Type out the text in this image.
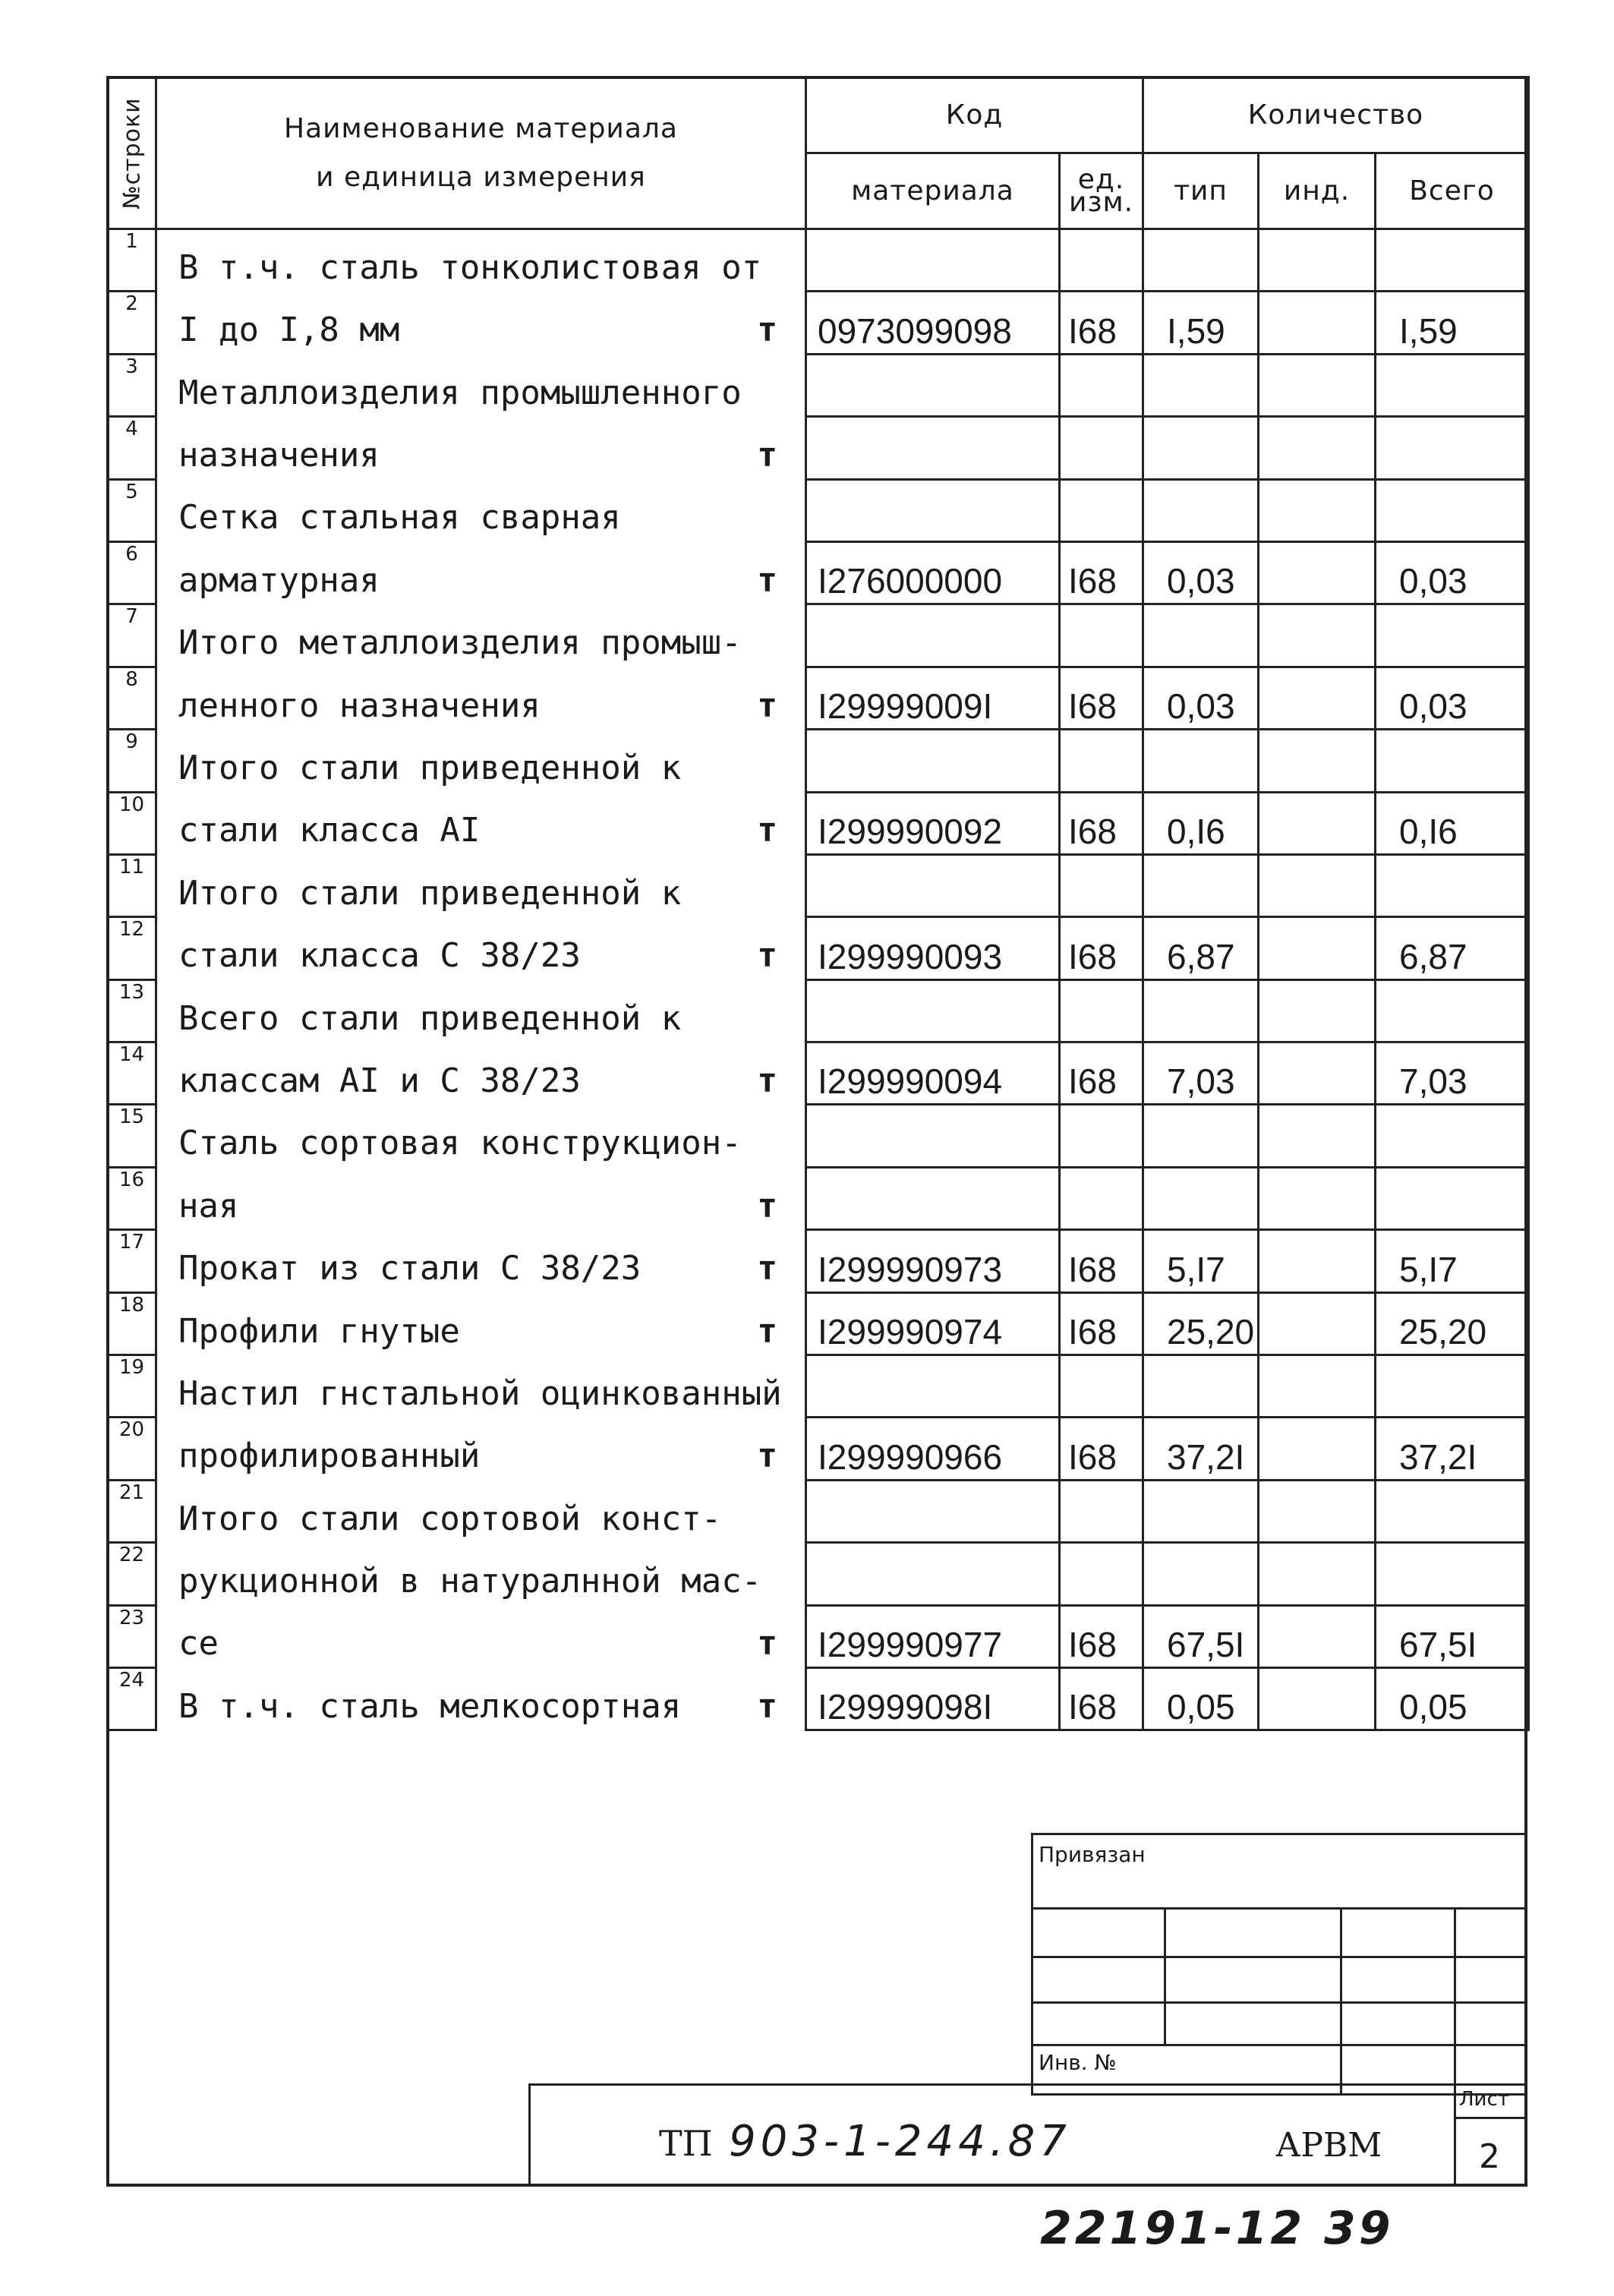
№строки	Наименование материала
и единица измерения	Код		Количество		
		материала	ед. изм.	тип	инд.	Всего
1	В т.ч. сталь тонколистовая от					

2	I до I,8 мм т	0973099098	I68	I,59		I,59
3	Металлоизделия промышленного					

4	назначения т					

5	Сетка стальная сварная					

6	арматурная т	I276000000	I68	0,03		0,03
7	Итого металлоизделия промыш-					

8	ленного назначения т	I29999009I	I68	0,03		0,03
9	Итого стали приведенной к					

10	стали класса AI т	I299990092	I68	0,I6		0,I6
11	Итого стали приведенной к					

12	стали класса С 38/23 т	I299990093	I68	6,87		6,87
13	Всего стали приведенной к					

14	классам AI и С 38/23 т	I299990094	I68	7,03		7,03
15	Сталь сортовая конструкцион-					

16	ная т					

17	Прокат из стали С 38/23 т	I299990973	I68	5,I7		5,I7
18	Профили гнутые т	I299990974	I68	25,20		25,20
19	Настил гнстальной оцинкованный					

20	профилированный т	I299990966	I68	37,2I		37,2I
21	Итого стали сортовой конст-					

22	рукционной в натуралнной мас-					

23	се т	I299990977	I68	67,5I		67,5I
24	В т.ч. сталь мелкосортная т	I29999098I	I68	0,05		0,05
Привязан
Инв. №
Лист
2
ТП 903-1-244.87	АРВМ
22191-12 39
